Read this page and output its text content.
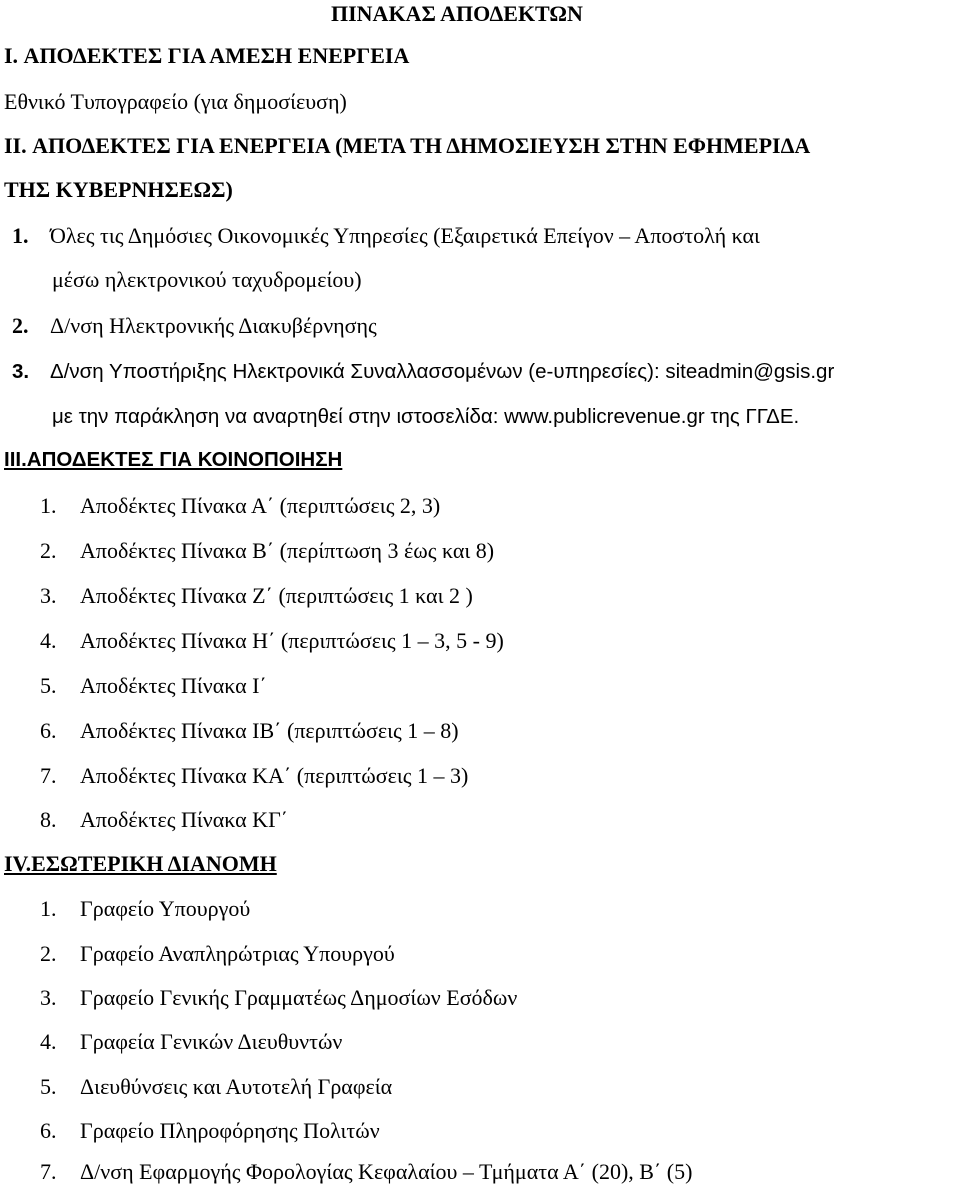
ΠΙΝΑΚΑΣ ΑΠΟΔΕΚΤΩΝ
I. ΑΠΟΔΕΚΤΕΣ ΓΙΑ ΑΜΕΣΗ ΕΝΕΡΓΕΙΑ
Εθνικό Τυπογραφείο (για δημοσίευση)
II. ΑΠΟΔΕΚΤΕΣ ΓΙΑ ΕΝΕΡΓΕΙΑ (ΜΕΤΑ ΤΗ ΔΗΜΟΣΙΕΥΣΗ ΣΤΗΝ ΕΦΗΜΕΡΙΔΑ
ΤΗΣ ΚΥΒΕΡΝΗΣΕΩΣ)
1. Όλες τις Δημόσιες Οικονομικές Υπηρεσίες (Εξαιρετικά Επείγον – Αποστολή και
μέσω ηλεκτρονικού ταχυδρομείου)
2. Δ/νση Ηλεκτρονικής Διακυβέρνησης
3. Δ/νση Υποστήριξης Ηλεκτρονικά Συναλλασσομένων (e-υπηρεσίες): siteadmin@gsis.gr
με την παράκληση να αναρτηθεί στην ιστοσελίδα: www.publicrevenue.gr της ΓΓΔΕ.
III.ΑΠΟΔΕΚΤΕΣ ΓΙΑ ΚΟΙΝΟΠΟΙΗΣΗ
1. Αποδέκτες Πίνακα Α΄ (περιπτώσεις 2, 3)
2. Αποδέκτες Πίνακα Β΄ (περίπτωση 3 έως και 8)
3. Αποδέκτες Πίνακα Ζ΄ (περιπτώσεις 1 και 2 )
4. Αποδέκτες Πίνακα Η΄ (περιπτώσεις 1 – 3, 5 - 9)
5. Αποδέκτες Πίνακα Ι΄
6. Αποδέκτες Πίνακα ΙΒ΄ (περιπτώσεις 1 – 8)
7. Αποδέκτες Πίνακα ΚΑ΄ (περιπτώσεις 1 – 3)
8. Αποδέκτες Πίνακα ΚΓ΄
IV.ΕΣΩΤΕΡΙΚΗ ΔΙΑΝΟΜΗ
1. Γραφείο Υπουργού
2. Γραφείο Αναπληρώτριας Υπουργού
3. Γραφείο Γενικής Γραμματέως Δημοσίων Εσόδων
4. Γραφεία Γενικών Διευθυντών
5. Διευθύνσεις και Αυτοτελή Γραφεία
6. Γραφείο Πληροφόρησης Πολιτών
7. Δ/νση Εφαρμογής Φορολογίας Κεφαλαίου – Τμήματα Α΄ (20), Β΄ (5)
